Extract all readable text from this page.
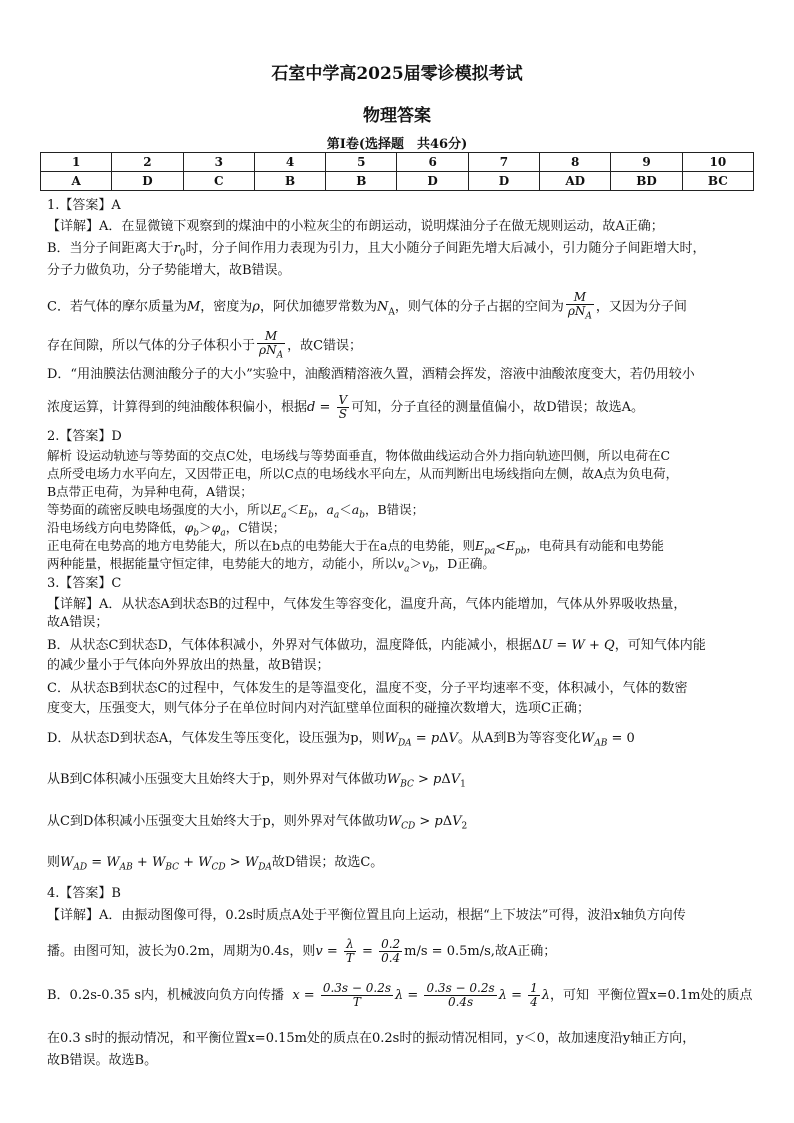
石室中学高2025届零诊模拟考试
物理答案
第Ⅰ卷(选择题　共46分)
1	2	3	4	5	6	7	8	9	10
A	D	C	B	B	D	D	AD	BD	BC
1.【答案】A
【详解】A．在显微镜下观察到的煤油中的小粒灰尘的布朗运动，说明煤油分子在做无规则运动，故A正确；
B．当分子间距离大于$r_0$时，分子间作用力表现为引力，且大小随分子间距先增大后减小，引力随分子间距增大时，
分子力做负功，分子势能增大，故B错误。
C．若气体的摩尔质量为M，密度为ρ，阿伏加德罗常数为$N_A$，则气体的分子占据的空间为 $\frac{M}{\rho N_A}$ ，又因为分子间
存在间隙，所以气体的分子体积小于 $\frac{M}{\rho N_A}$ ，故C错误；
D．“用油膜法估测油酸分子的大小”实验中，油酸酒精溶液久置，酒精会挥发，溶液中油酸浓度变大，若仍用较小
浓度运算，计算得到的纯油酸体积偏小，根据$d = \frac{V}{S}$ 可知，分子直径的测量值偏小，故D错误；故选A。
2.【答案】D
解析 设运动轨迹与等势面的交点C处，电场线与等势面垂直，物体做曲线运动合外力指向轨迹凹侧，所以电荷在C
点所受电场力水平向左，又因带正电，所以C点的电场线水平向左，从而判断出电场线指向左侧，故A点为负电荷，
B点带正电荷，为异种电荷，A错误；
等势面的疏密反映电场强度的大小，所以$E_a<E_b$，$a_a<a_b$，B错误；
沿电场线方向电势降低，$\varphi_b>\varphi_a$，C错误；
正电荷在电势高的地方电势能大，所以在b点的电势能大于在a点的电势能，则$E_{pa}<E_{pb}$，电荷具有动能和电势能
两种能量，根据能量守恒定律，电势能大的地方，动能小，所以$v_a>v_b$，D正确。
3.【答案】C
【详解】A．从状态A到状态B的过程中，气体发生等容变化，温度升高，气体内能增加，气体从外界吸收热量，
故A错误；
B．从状态C到状态D，气体体积减小，外界对气体做功，温度降低，内能减小，根据ΔU = W + Q，可知气体内能
的减少量小于气体向外界放出的热量，故B错误；
C．从状态B到状态C的过程中，气体发生的是等温变化，温度不变，分子平均速率不变，体积减小，气体的数密
度变大，压强变大，则气体分子在单位时间内对汽缸壁单位面积的碰撞次数增大，选项C正确；
D．从状态D到状态A，气体发生等压变化，设压强为p，则$W_{DA} = p\Delta V$。从A到B为等容变化$W_{AB} = 0$
从B到C体积减小压强变大且始终大于p，则外界对气体做功$W_{BC} > p\Delta V_1$
从C到D体积减小压强变大且始终大于p，则外界对气体做功$W_{CD} > p\Delta V_2$
则$W_{AD} = W_{AB} + W_{BC} + W_{CD} > W_{DA}$故D错误；故选C。
4.【答案】B
【详解】A．由振动图像可得，0.2s时质点A处于平衡位置且向上运动，根据“上下坡法”可得，波沿x轴负方向传
播。由图可知，波长为0.2m，周期为0.4s，则$v = \frac{\lambda}{T} = \frac{0.2}{0.4} m/s = 0.5m/s$,故A正确；
B．0.2s-0.35 s内，机械波向负方向传播 $x = \frac{0.3s - 0.2s}{T}$ $\lambda = \frac{0.3s - 0.2s}{0.4s}$ $\lambda = \frac{1}{4}$ λ，可知 平衡位置x=0.1m处的质点
在0.3 s时的振动情况，和平衡位置x=0.15m处的质点在0.2s时的振动情况相同，y＜0，故加速度沿y轴正方向，
故B错误。故选B。
